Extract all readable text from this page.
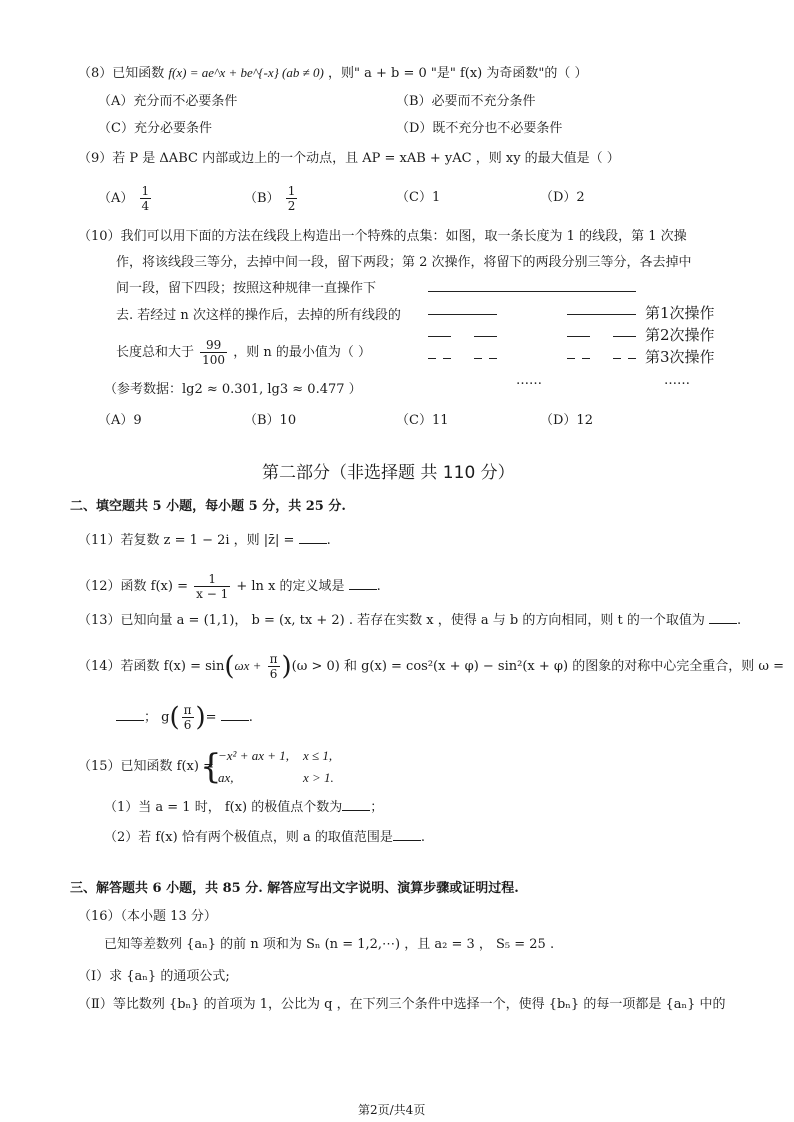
（8）已知函数 f(x) = ae^x + be^{-x} (ab ≠ 0) ，则" a + b = 0 "是" f(x) 为奇函数"的（ ）
（A）充分而不必要条件	（B）必要而不充分条件
（C）充分必要条件	（D）既不充分也不必要条件
（9）若 P 是 ΔABC 内部或边上的一个动点，且 AP = xAB + yAC ，则 xy 的最大值是（ ）
$(A) \frac{1}{4}$	$(B) \frac{1}{2}$	（C）1	（D）2
（10）我们可以用下面的方法在线段上构造出一个特殊的点集：如图，取一条长度为 1 的线段，第 1 次操
作，将该线段三等分，去掉中间一段，留下两段；第 2 次操作，将留下的两段分别三等分，各去掉中
间一段，留下四段；按照这种规律一直操作下
去. 若经过 n 次这样的操作后，去掉的所有线段的
长度总和大于 $\frac{99}{100}$ ，则 n 的最小值为（ ）
（参考数据：lg2 ≈ 0.301, lg3 ≈ 0.477 ）
第1次操作
第2次操作
第3次操作
……	……
（A）9	（B）10	（C）11	（D）12
第二部分（非选择题 共 110 分）
二、填空题共 5 小题，每小题 5 分，共 25 分.
（11）若复数 z = 1 − 2i ，则 |z̄| = .
（12）函数 $f(x) = \frac{1}{x - 1} + \ln x$ 的定义域是 .
（13）已知向量 a = (1,1)， b = (x, tx + 2) . 若存在实数 x ，使得 a 与 b 的方向相同，则 t 的一个取值为 .
（14）若函数 $f(x) = \sin(\omega x + \frac{\pi}{6} )(\omega > 0)$ 和 g(x) = cos²(x + φ) − sin²(x + φ) 的图象的对称中心完全重合，则 ω =
； $g( \frac{\pi}{6}$ )= .
（15）已知函数 f(x) =
{
−x² + ax + 1, x ≤ 1,
ax,	x > 1.
（1）当 a = 1 时， f(x) 的极值点个数为 ；
（2）若 f(x) 恰有两个极值点，则 a 的取值范围是 .
三、解答题共 6 小题，共 85 分. 解答应写出文字说明、演算步骤或证明过程.
（16）（本小题 13 分）
已知等差数列 {aₙ} 的前 n 项和为 Sₙ (n = 1,2,⋯) ，且 a₂ = 3 ， S₅ = 25 .
（Ⅰ）求 {aₙ} 的通项公式;
（Ⅱ）等比数列 {bₙ} 的首项为 1，公比为 q ，在下列三个条件中选择一个，使得 {bₙ} 的每一项都是 {aₙ} 中的
第2页/共4页
